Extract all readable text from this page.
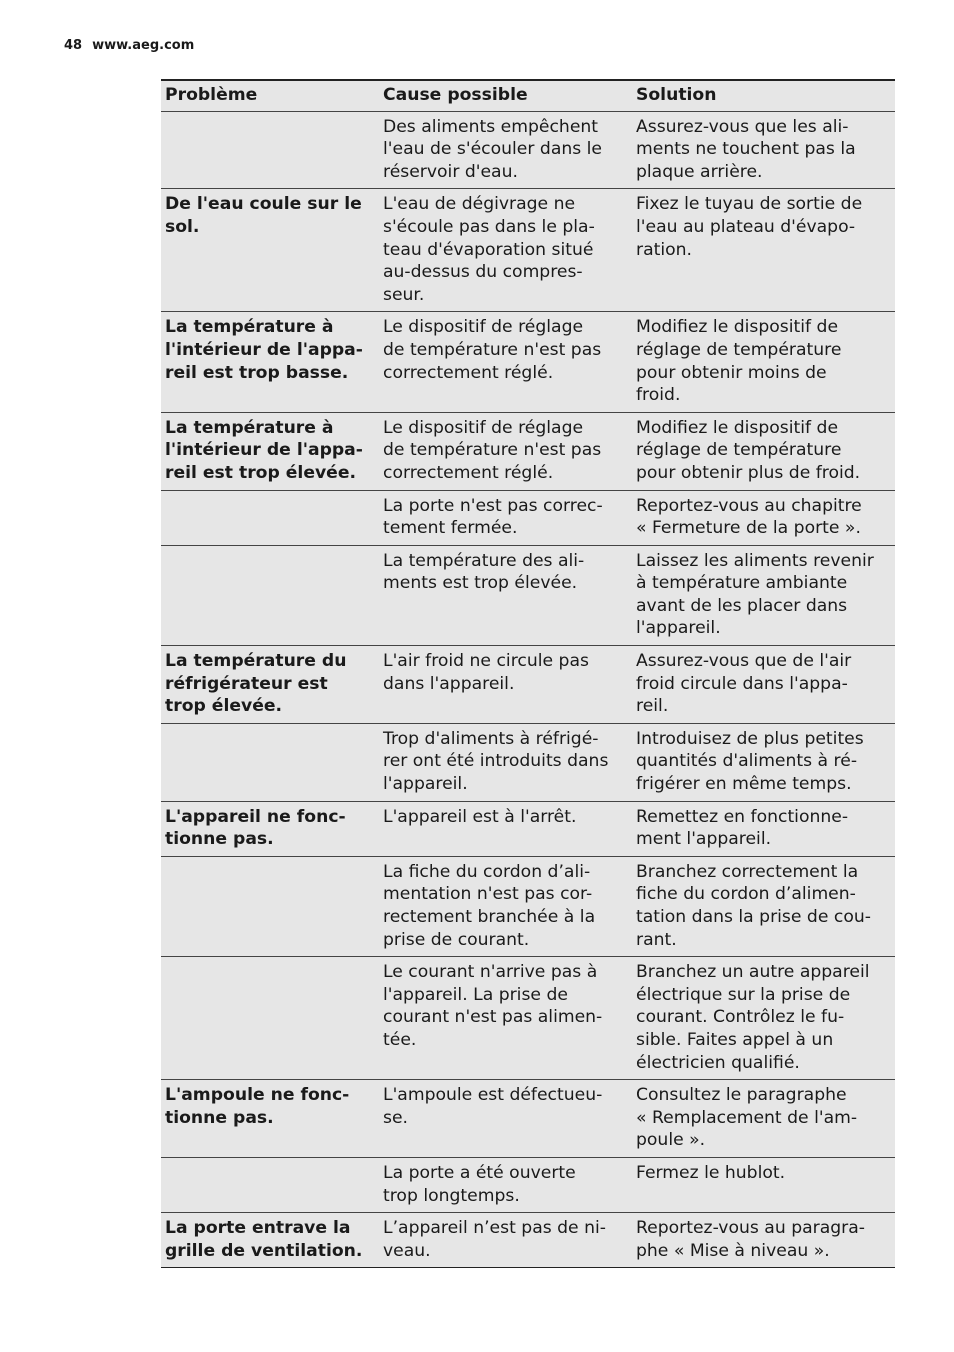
48 www.aeg.com
Problème	Cause possible	Solution

	Des aliments empêchent
l'eau de s'écouler dans le
réservoir d'eau.	Assurez-vous que les ali-
ments ne touchent pas la
plaque arrière.

De l'eau coule sur le
sol.	L'eau de dégivrage ne
s'écoule pas dans le pla-
teau d'évaporation situé
au-dessus du compres-
seur.	Fixez le tuyau de sortie de
l'eau au plateau d'évapo-
ration.

La température à
l'intérieur de l'appa-
reil est trop basse.	Le dispositif de réglage
de température n'est pas
correctement réglé.	Modifiez le dispositif de
réglage de température
pour obtenir moins de
froid.

La température à
l'intérieur de l'appa-
reil est trop élevée.	Le dispositif de réglage
de température n'est pas
correctement réglé.	Modifiez le dispositif de
réglage de température
pour obtenir plus de froid.

	La porte n'est pas correc-
tement fermée.	Reportez-vous au chapitre
« Fermeture de la porte ».

	La température des ali-
ments est trop élevée.	Laissez les aliments revenir
à température ambiante
avant de les placer dans
l'appareil.

La température du
réfrigérateur est
trop élevée.	L'air froid ne circule pas
dans l'appareil.	Assurez-vous que de l'air
froid circule dans l'appa-
reil.

	Trop d'aliments à réfrigé-
rer ont été introduits dans
l'appareil.	Introduisez de plus petites
quantités d'aliments à ré-
frigérer en même temps.

L'appareil ne fonc-
tionne pas.	L'appareil est à l'arrêt.	Remettez en fonctionne-
ment l'appareil.

	La fiche du cordon d’ali-
mentation n'est pas cor-
rectement branchée à la
prise de courant.	Branchez correctement la
fiche du cordon d’alimen-
tation dans la prise de cou-
rant.

	Le courant n'arrive pas à
l'appareil. La prise de
courant n'est pas alimen-
tée.	Branchez un autre appareil
électrique sur la prise de
courant. Contrôlez le fu-
sible. Faites appel à un
électricien qualifié.

L'ampoule ne fonc-
tionne pas.	L'ampoule est défectueu-
se.	Consultez le paragraphe
« Remplacement de l'am-
poule ».

	La porte a été ouverte
trop longtemps.	Fermez le hublot.

La porte entrave la
grille de ventilation.	L’appareil n’est pas de ni-
veau.	Reportez-vous au paragra-
phe « Mise à niveau ».
